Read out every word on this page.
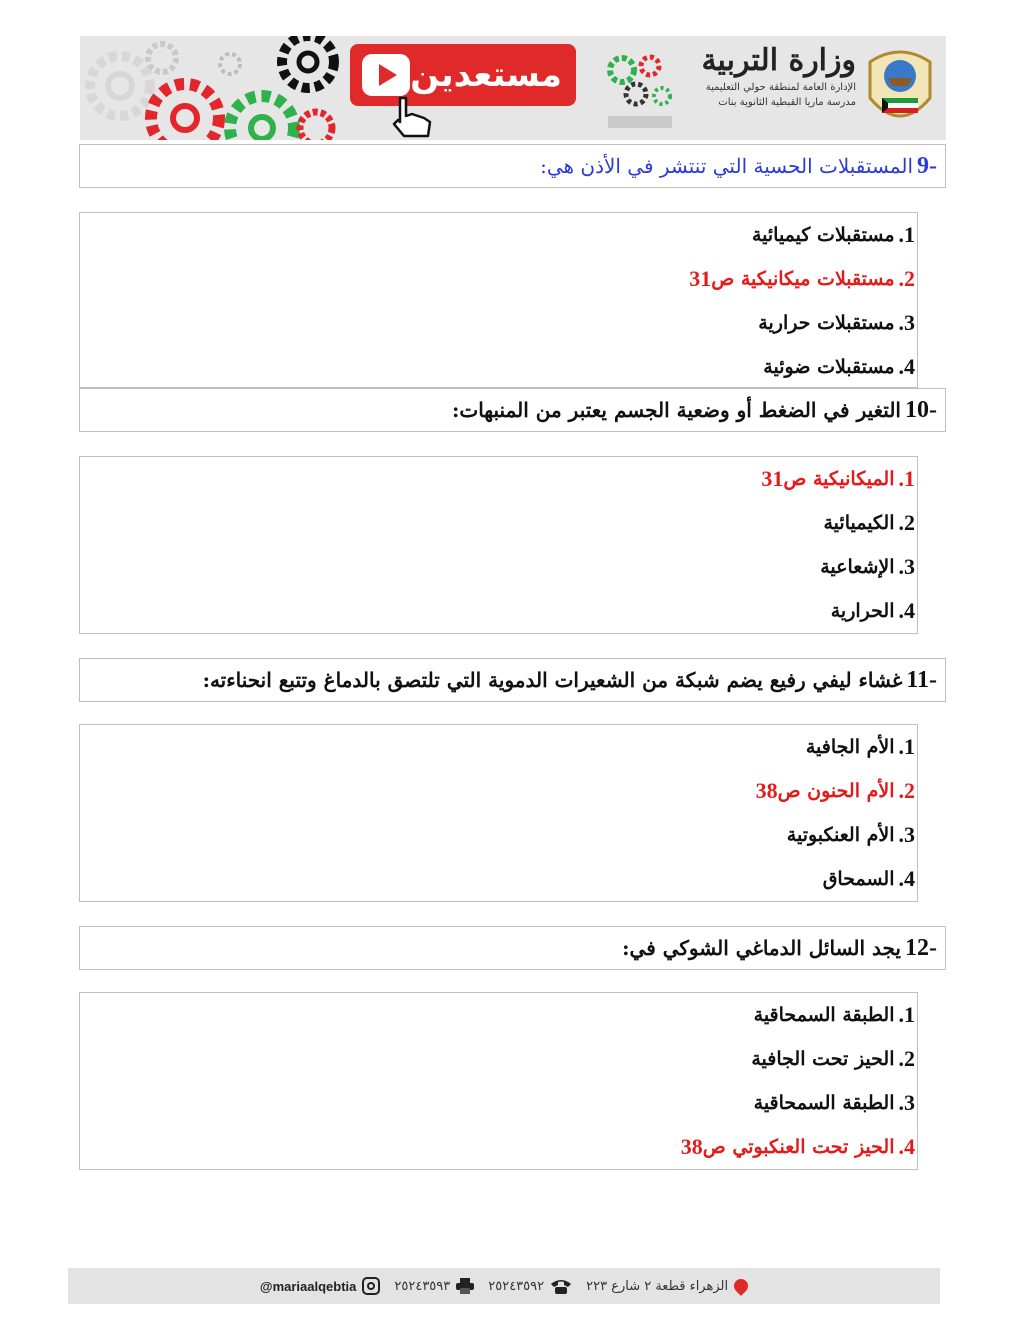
مستعدين	وزارة التربية
الإدارة العامة لمنطقة حولي التعليمية
مدرسة ماريا القبطية الثانوية بنات
-9
المستقبلات الحسية التي تنتشر في الأذن هي:
.1
مستقبلات كيميائية
.2
مستقبلات ميكانيكية ص
31
.3
مستقبلات حرارية
.4
مستقبلات ضوئية
-10
التغير في الضغط أو وضعية الجسم يعتبر من المنبهات:
.1
الميكانيكية ص
31
.2
الكيميائية
.3
الإشعاعية
.4
الحرارية
-11
غشاء ليفي رفيع يضم شبكة من الشعيرات الدموية التي تلتصق بالدماغ وتتبع انحناءته:
.1
الأم الجافية
.2
الأم الحنون ص
38
.3
الأم العنكبوتية
.4
السمحاق
-12
يجد السائل الدماغي الشوكي في:
.1
الطبقة السمحاقية
.2
الحيز تحت الجافية
.3
الطبقة السمحاقية
.4
الحيز تحت العنكبوتي ص
38
@mariaalqebtia	٢٥٢٤٣٥٩٣	٢٥٢٤٣٥٩٢	الزهراء قطعة ٢ شارع ٢٢٣
